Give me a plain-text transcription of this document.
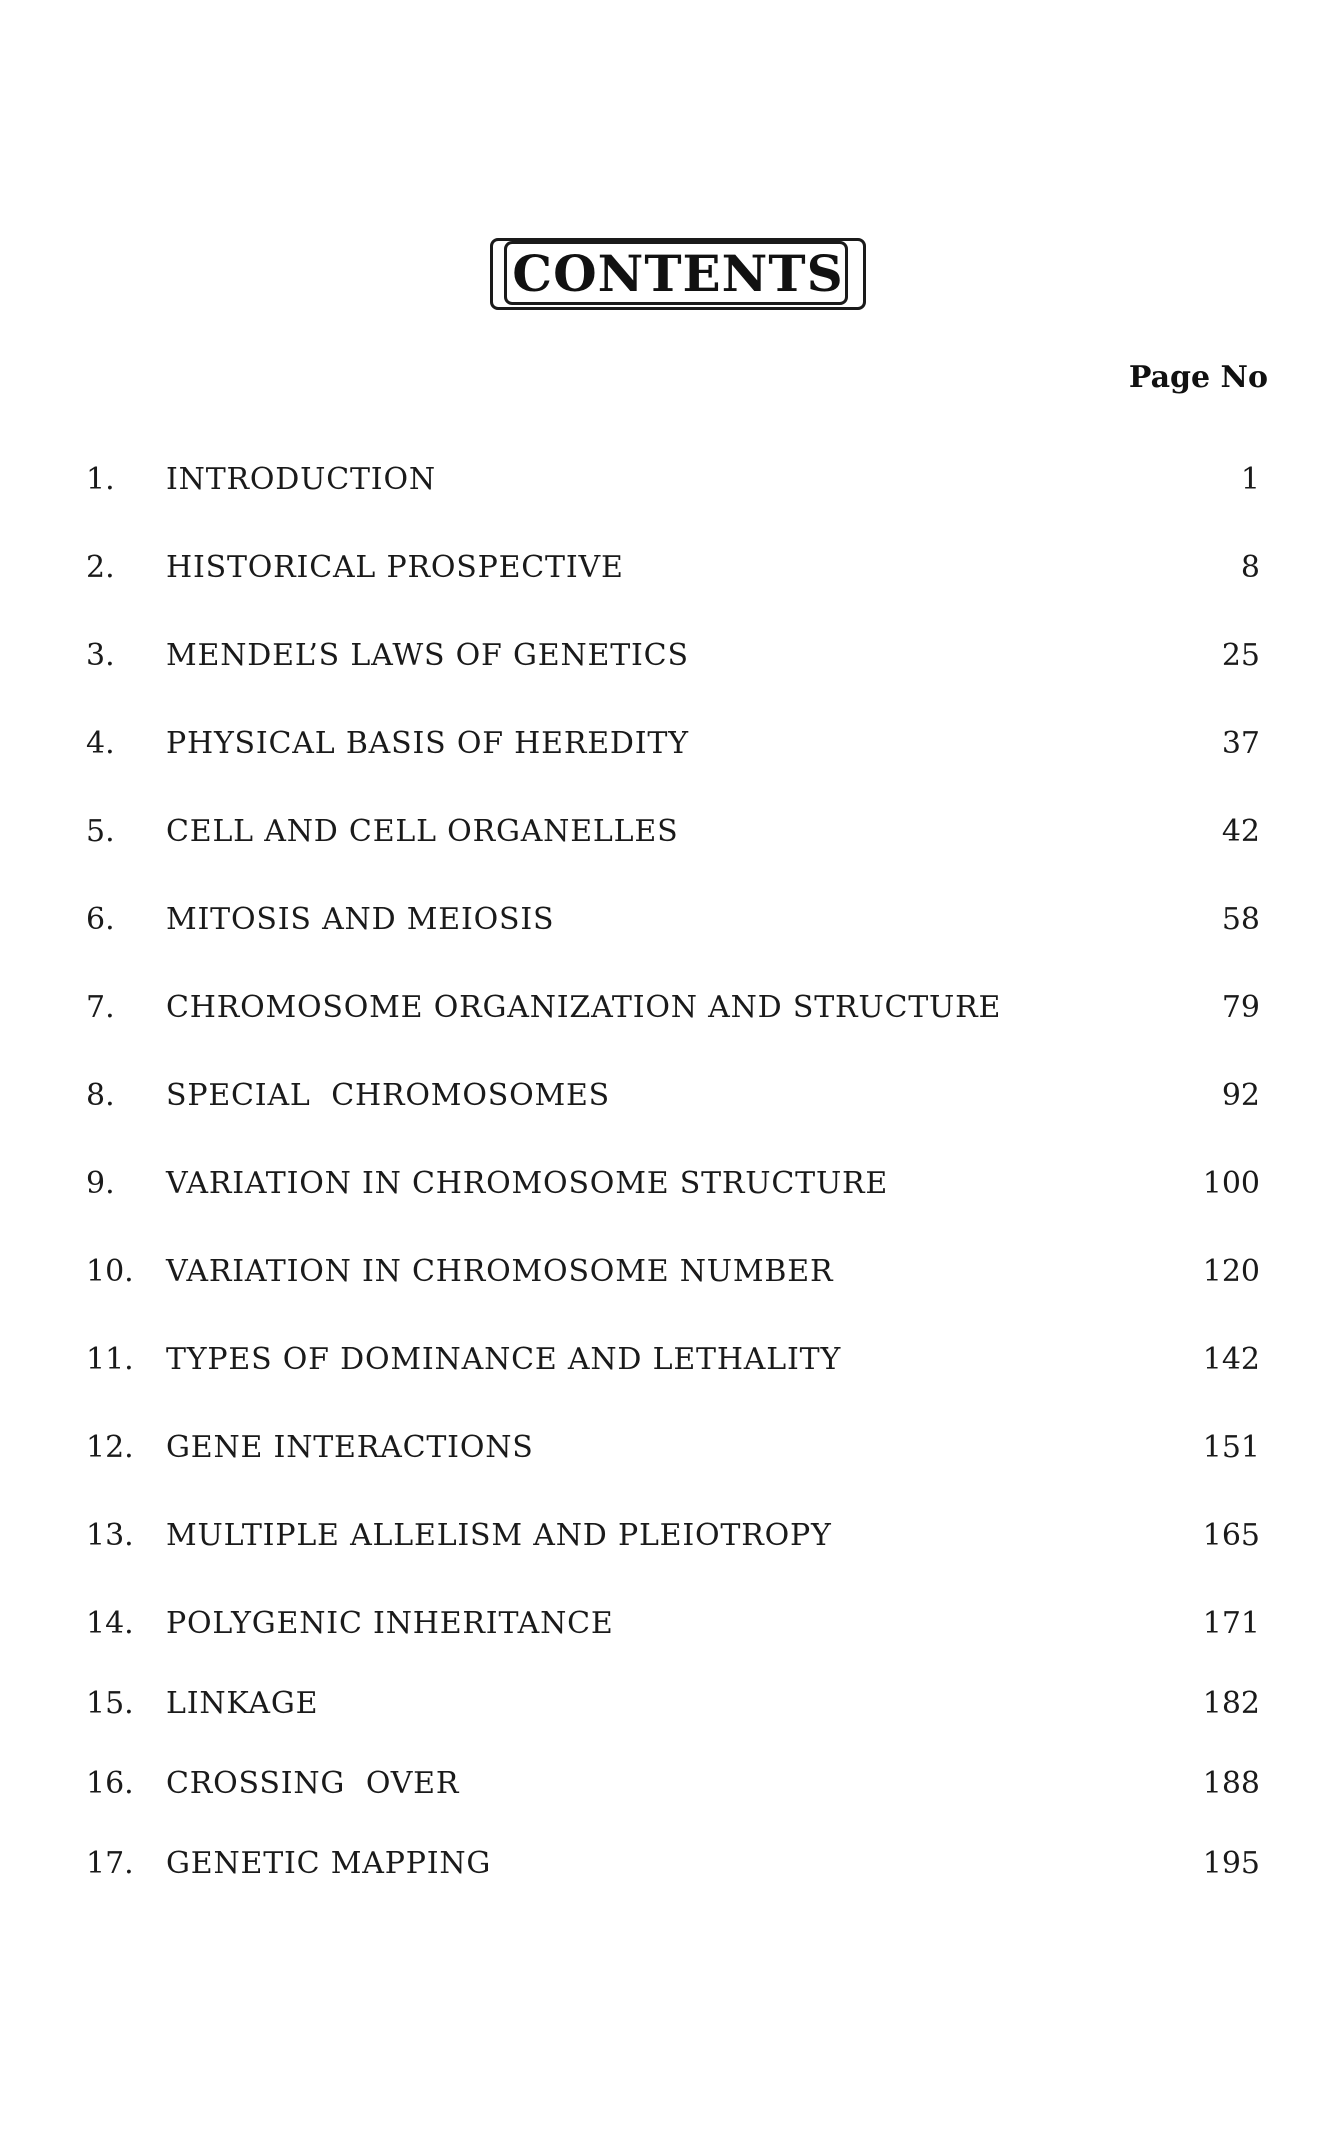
CONTENTS
Page No
1. INTRODUCTION	1
2. HISTORICAL PROSPECTIVE	8
3. MENDEL’S LAWS OF GENETICS	25
4. PHYSICAL BASIS OF HEREDITY	37
5. CELL AND CELL ORGANELLES	42
6. MITOSIS AND MEIOSIS	58
7. CHROMOSOME ORGANIZATION AND STRUCTURE	79
8. SPECIAL  CHROMOSOMES	92
9. VARIATION IN CHROMOSOME STRUCTURE	100
10. VARIATION IN CHROMOSOME NUMBER	120
11. TYPES OF DOMINANCE AND LETHALITY	142
12. GENE INTERACTIONS	151
13. MULTIPLE ALLELISM AND PLEIOTROPY	165
14. POLYGENIC INHERITANCE	171
15. LINKAGE	182
16. CROSSING  OVER	188
17. GENETIC MAPPING	195
